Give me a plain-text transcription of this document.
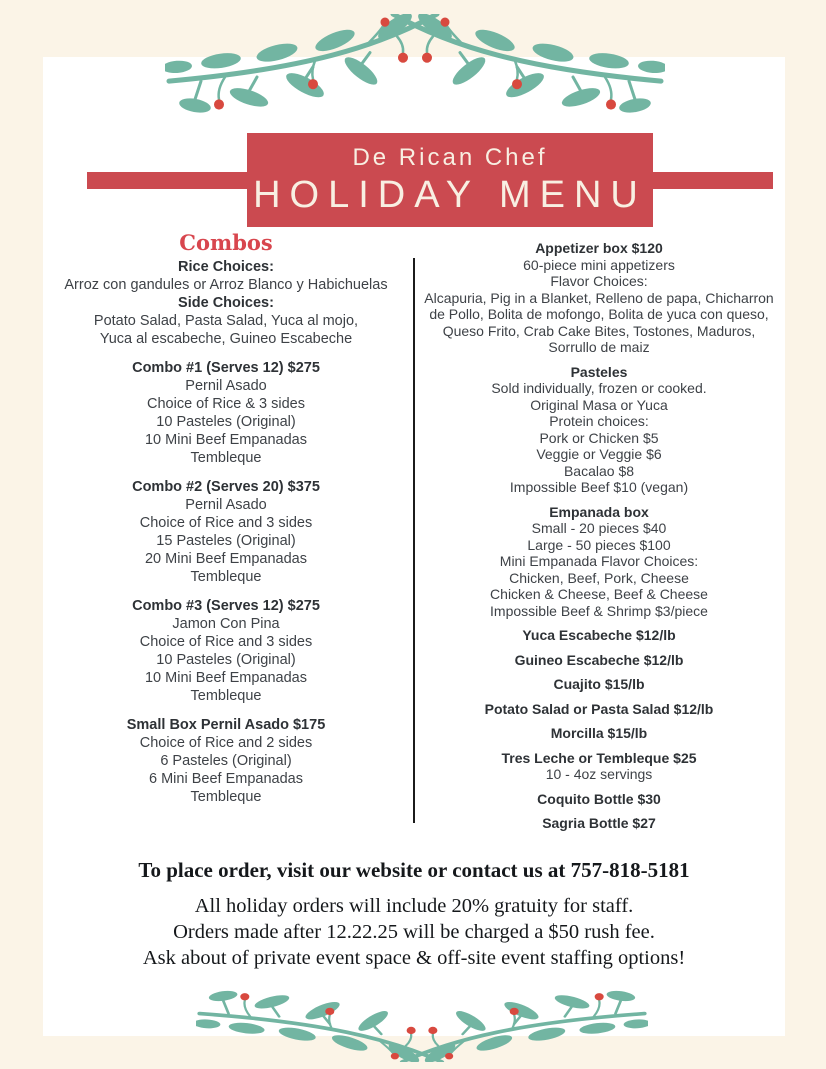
De Rican Chef
HOLIDAY MENU
Combos
Rice Choices:
Arroz con gandules or Arroz Blanco y Habichuelas
Side Choices:
Potato Salad, Pasta Salad, Yuca al mojo,
Yuca al escabeche, Guineo Escabeche
Combo #1 (Serves 12) $275
Pernil Asado
Choice of Rice & 3 sides
10 Pasteles (Original)
10 Mini Beef Empanadas
Tembleque
Combo #2 (Serves 20) $375
Pernil Asado
Choice of Rice and 3 sides
15 Pasteles (Original)
20 Mini Beef Empanadas
Tembleque
Combo #3 (Serves 12) $275
Jamon Con Pina
Choice of Rice and 3 sides
10 Pasteles (Original)
10 Mini Beef Empanadas
Tembleque
Small Box Pernil Asado $175
Choice of Rice and 2 sides
6 Pasteles (Original)
6 Mini Beef Empanadas
Tembleque
Appetizer box $120
60-piece mini appetizers
Flavor Choices:
Alcapuria, Pig in a Blanket, Relleno de papa, Chicharron
de Pollo, Bolita de mofongo, Bolita de yuca con queso,
Queso Frito, Crab Cake Bites, Tostones, Maduros,
Sorrullo de maiz
Pasteles
Sold individually, frozen or cooked.
Original Masa or Yuca
Protein choices:
Pork or Chicken $5
Veggie or Veggie $6
Bacalao $8
Impossible Beef $10 (vegan)
Empanada box
Small - 20 pieces $40
Large - 50 pieces $100
Mini Empanada Flavor Choices:
Chicken, Beef, Pork, Cheese
Chicken & Cheese, Beef & Cheese
Impossible Beef & Shrimp $3/piece
Yuca Escabeche $12/lb
Guineo Escabeche $12/lb
Cuajito $15/lb
Potato Salad or Pasta Salad $12/lb
Morcilla $15/lb
Tres Leche or Tembleque $25
10 - 4oz servings
Coquito Bottle $30
Sagria Bottle $27
To place order, visit our website or contact us at 757-818-5181
All holiday orders will include 20% gratuity for staff.
Orders made after 12.22.25 will be charged a $50 rush fee.
Ask about of private event space & off-site event staffing options!
